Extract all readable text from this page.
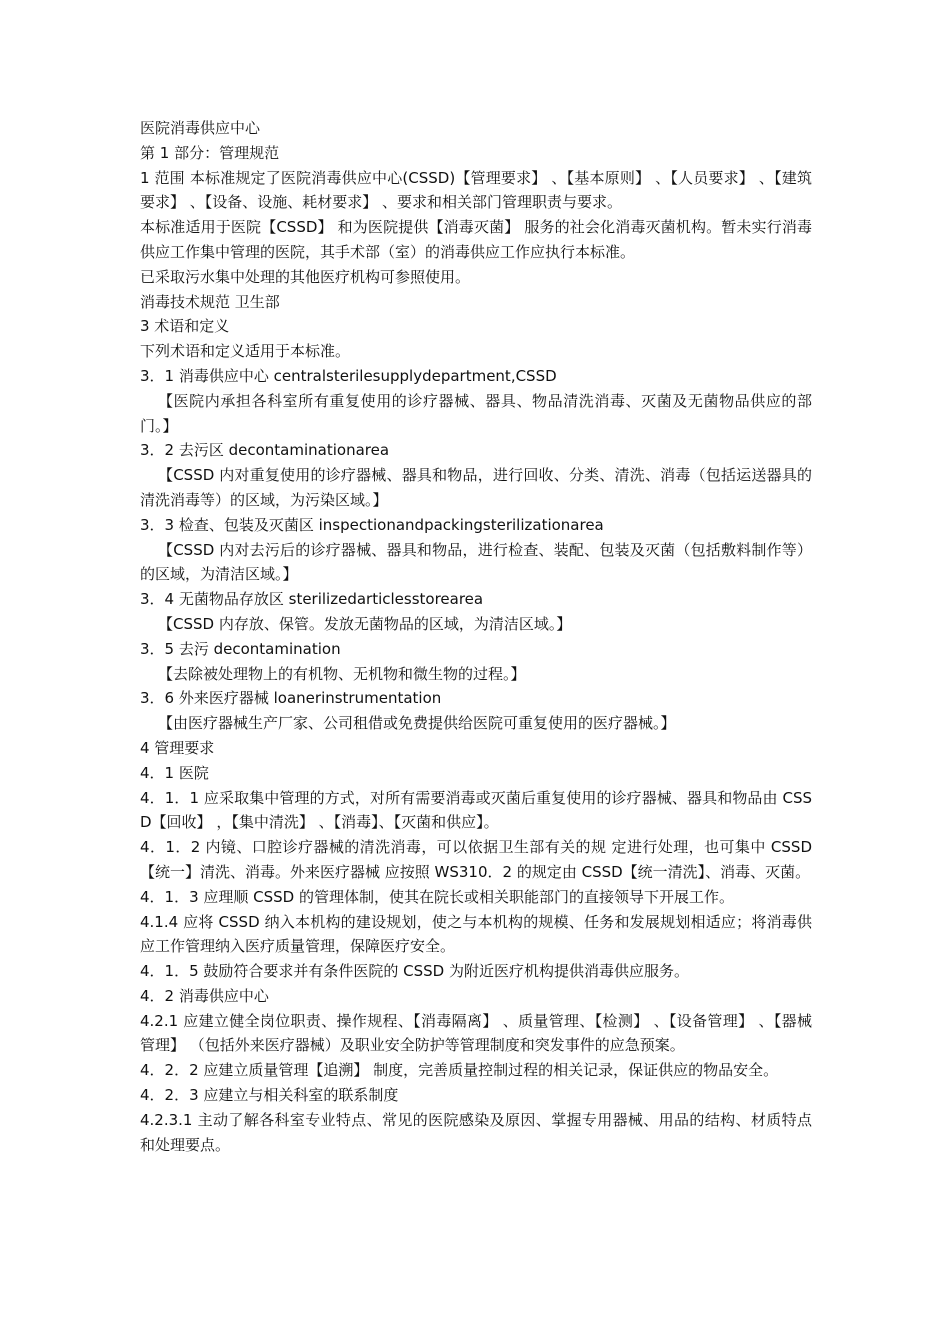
医院消毒供应中心

第 1 部分：管理规范

1 范围 本标准规定了医院消毒供应中心(CSSD)【管理要求】 、【基本原则】 、【人员要求】 、【建筑要求】 、【设备、设施、耗材要求】 、要求和相关部门管理职责与要求。

本标准适用于医院【CSSD】 和为医院提供【消毒灭菌】 服务的社会化消毒灭菌机构。暂未实行消毒供应工作集中管理的医院，其手术部（室）的消毒供应工作应执行本标准。

已采取污水集中处理的其他医疗机构可参照使用。

消毒技术规范 卫生部

3 术语和定义

下列术语和定义适用于本标准。

3．1 消毒供应中心 centralsterilesupplydepartment,CSSD

【医院内承担各科室所有重复使用的诊疗器械、器具、物品清洗消毒、灭菌及无菌物品供应的部门。】

3．2 去污区 decontaminationarea

【CSSD 内对重复使用的诊疗器械、器具和物品，进行回收、分类、清洗、消毒（包括运送器具的清洗消毒等）的区域，为污染区域。】

3．3 检查、包装及灭菌区 inspectionandpackingsterilizationarea

【CSSD 内对去污后的诊疗器械、器具和物品，进行检查、装配、包装及灭菌（包括敷料制作等）的区域，为清洁区域。】

3．4 无菌物品存放区 sterilizedarticlesstorearea

【CSSD 内存放、保管。发放无菌物品的区域，为清洁区域。】

3．5 去污 decontamination

【去除被处理物上的有机物、无机物和微生物的过程。】

3．6 外来医疗器械 loanerinstrumentation

【由医疗器械生产厂家、公司租借或免费提供给医院可重复使用的医疗器械。】

4 管理要求

4．1 医院

4．1．1 应采取集中管理的方式，对所有需要消毒或灭菌后重复使用的诊疗器械、器具和物品由 CSSD【回收】 ，【集中清洗】 、【消毒】、【灭菌和供应】。

4．1．2 内镜、口腔诊疗器械的清洗消毒，可以依据卫生部有关的规 定进行处理，也可集中 CSSD【统一】清洗、消毒。外来医疗器械 应按照 WS310．2 的规定由 CSSD【统一清洗】、消毒、灭菌。

4．1．3 应理顺 CSSD 的管理体制，使其在院长或相关职能部门的直接领导下开展工作。

4.1.4 应将 CSSD 纳入本机构的建设规划，使之与本机构的规模、任务和发展规划相适应；将消毒供应工作管理纳入医疗质量管理，保障医疗安全。

4．1．5 鼓励符合要求并有条件医院的 CSSD 为附近医疗机构提供消毒供应服务。

4．2 消毒供应中心

4.2.1 应建立健全岗位职责、操作规程、【消毒隔离】 、质量管理、【检测】 、【设备管理】 、【器械管理】 （包括外来医疗器械）及职业安全防护等管理制度和突发事件的应急预案。

4．2．2 应建立质量管理【追溯】 制度，完善质量控制过程的相关记录，保证供应的物品安全。

4．2．3 应建立与相关科室的联系制度

4.2.3.1 主动了解各科室专业特点、常见的医院感染及原因、掌握专用器械、用品的结构、材质特点和处理要点。
